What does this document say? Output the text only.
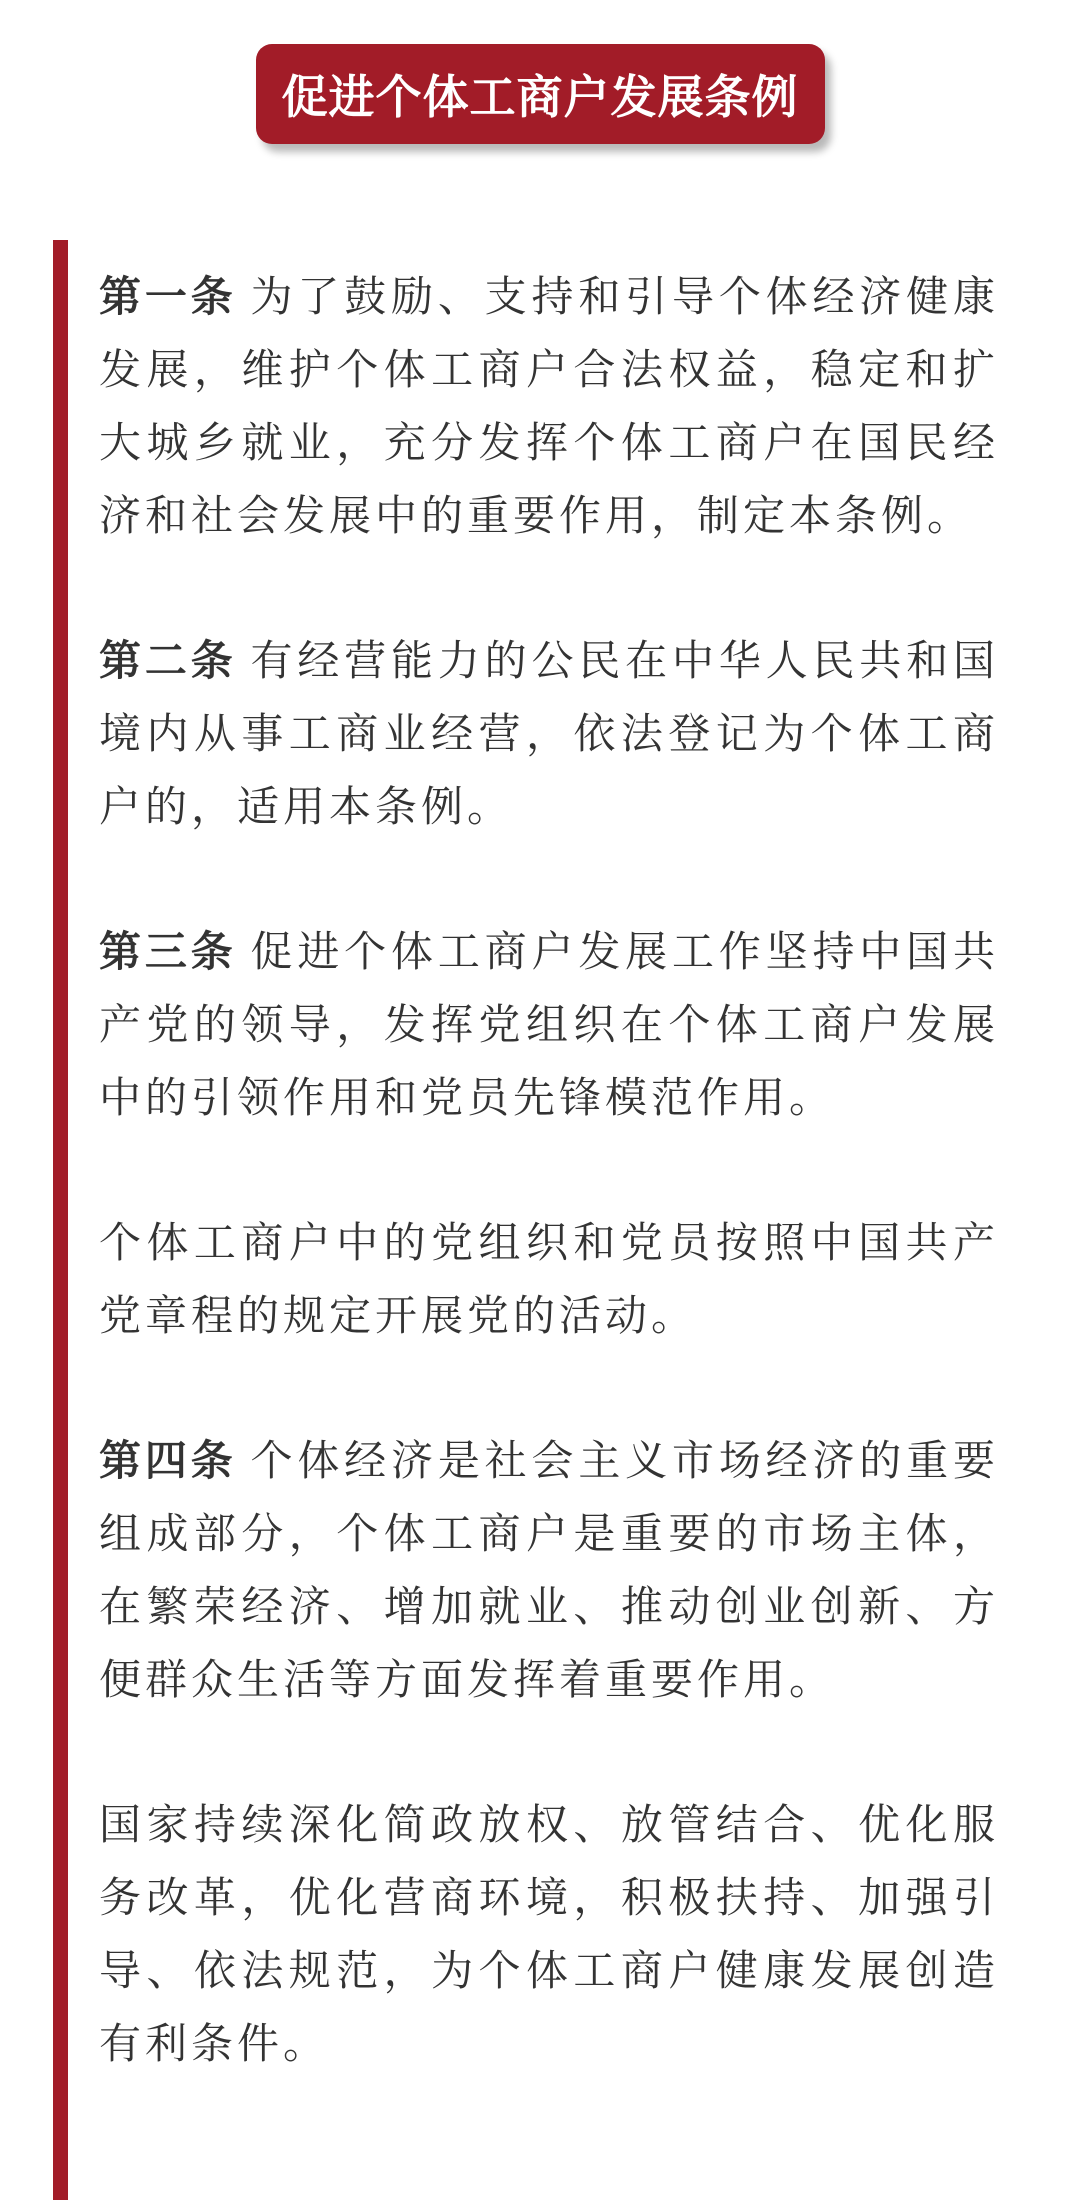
促进个体工商户发展条例

第一条 为了鼓励、支持和引导个体经济健康发展，维护个体工商户合法权益，稳定和扩大城乡就业，充分发挥个体工商户在国民经济和社会发展中的重要作用，制定本条例。

第二条 有经营能力的公民在中华人民共和国境内从事工商业经营，依法登记为个体工商户的，适用本条例。

第三条 促进个体工商户发展工作坚持中国共产党的领导，发挥党组织在个体工商户发展中的引领作用和党员先锋模范作用。

个体工商户中的党组织和党员按照中国共产党章程的规定开展党的活动。

第四条 个体经济是社会主义市场经济的重要组成部分，个体工商户是重要的市场主体，在繁荣经济、增加就业、推动创业创新、方便群众生活等方面发挥着重要作用。

国家持续深化简政放权、放管结合、优化服务改革，优化营商环境，积极扶持、加强引导、依法规范，为个体工商户健康发展创造有利条件。
